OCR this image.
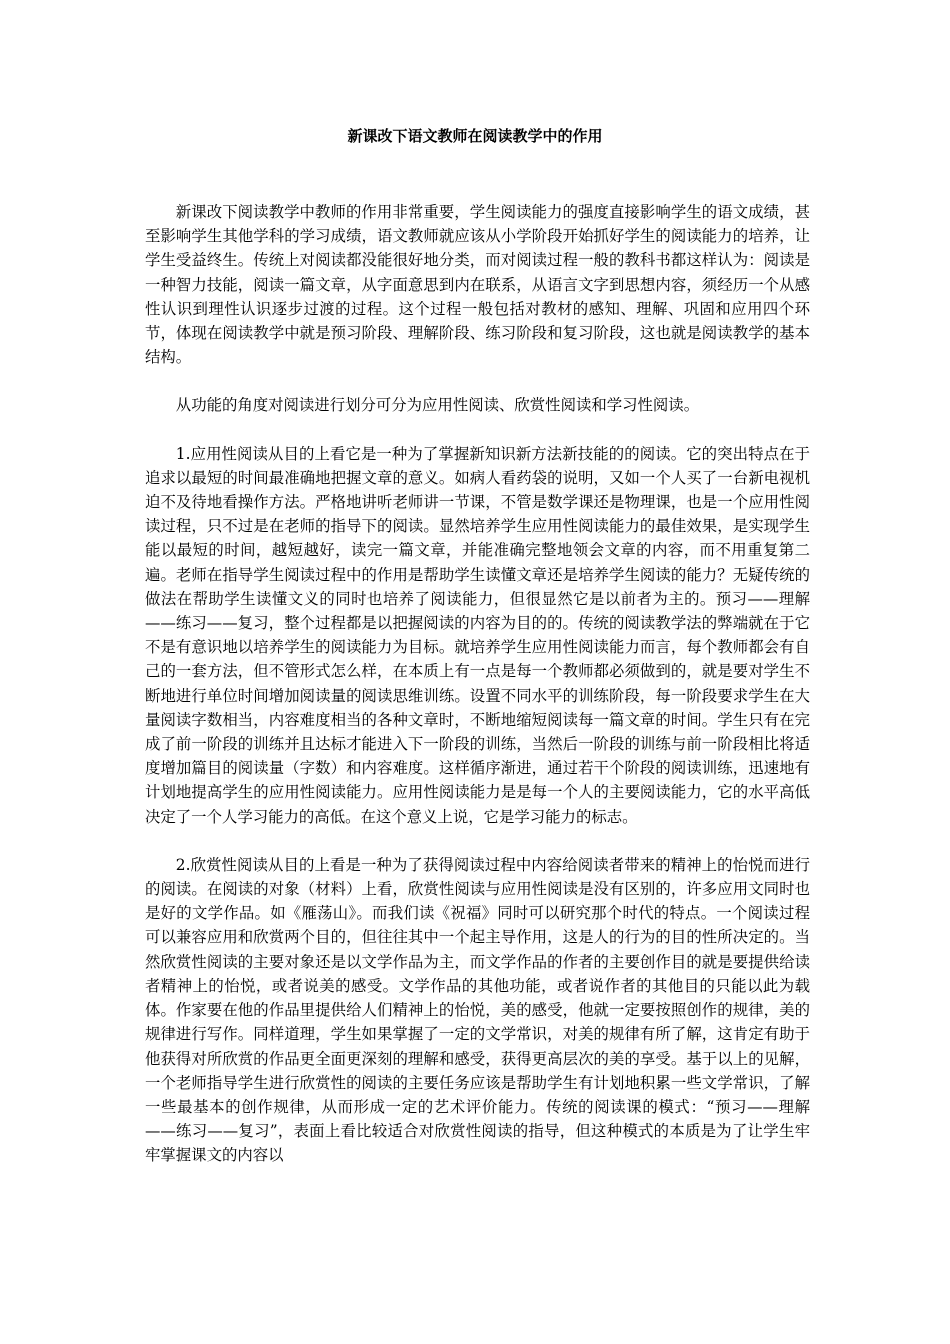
新课改下语文教师在阅读教学中的作用

新课改下阅读教学中教师的作用非常重要，学生阅读能力的强度直接影响学生的语文成绩，甚至影响学生其他学科的学习成绩，语文教师就应该从小学阶段开始抓好学生的阅读能力的培养，让学生受益终生。传统上对阅读都没能很好地分类，而对阅读过程一般的教科书都这样认为：阅读是一种智力技能，阅读一篇文章，从字面意思到内在联系，从语言文字到思想内容，须经历一个从感性认识到理性认识逐步过渡的过程。这个过程一般包括对教材的感知、理解、巩固和应用四个环节，体现在阅读教学中就是预习阶段、理解阶段、练习阶段和复习阶段，这也就是阅读教学的基本结构。

从功能的角度对阅读进行划分可分为应用性阅读、欣赏性阅读和学习性阅读。

1.应用性阅读从目的上看它是一种为了掌握新知识新方法新技能的的阅读。它的突出特点在于追求以最短的时间最准确地把握文章的意义。如病人看药袋的说明，又如一个人买了一台新电视机迫不及待地看操作方法。严格地讲听老师讲一节课，不管是数学课还是物理课，也是一个应用性阅读过程，只不过是在老师的指导下的阅读。显然培养学生应用性阅读能力的最佳效果，是实现学生能以最短的时间，越短越好，读完一篇文章，并能准确完整地领会文章的内容，而不用重复第二遍。老师在指导学生阅读过程中的作用是帮助学生读懂文章还是培养学生阅读的能力？无疑传统的做法在帮助学生读懂文义的同时也培养了阅读能力，但很显然它是以前者为主的。预习——理解——练习——复习，整个过程都是以把握阅读的内容为目的的。传统的阅读教学法的弊端就在于它不是有意识地以培养学生的阅读能力为目标。就培养学生应用性阅读能力而言，每个教师都会有自己的一套方法，但不管形式怎么样，在本质上有一点是每一个教师都必须做到的，就是要对学生不断地进行单位时间增加阅读量的阅读思维训练。设置不同水平的训练阶段，每一阶段要求学生在大量阅读字数相当，内容难度相当的各种文章时，不断地缩短阅读每一篇文章的时间。学生只有在完成了前一阶段的训练并且达标才能进入下一阶段的训练，当然后一阶段的训练与前一阶段相比将适度增加篇目的阅读量（字数）和内容难度。这样循序渐进，通过若干个阶段的阅读训练，迅速地有计划地提高学生的应用性阅读能力。应用性阅读能力是是每一个人的主要阅读能力，它的水平高低决定了一个人学习能力的高低。在这个意义上说，它是学习能力的标志。

2.欣赏性阅读从目的上看是一种为了获得阅读过程中内容给阅读者带来的精神上的怡悦而进行的阅读。在阅读的对象（材料）上看，欣赏性阅读与应用性阅读是没有区别的，许多应用文同时也是好的文学作品。如《雁荡山》。而我们读《祝福》同时可以研究那个时代的特点。一个阅读过程可以兼容应用和欣赏两个目的，但往往其中一个起主导作用，这是人的行为的目的性所决定的。当然欣赏性阅读的主要对象还是以文学作品为主，而文学作品的作者的主要创作目的就是要提供给读者精神上的怡悦，或者说美的感受。文学作品的其他功能，或者说作者的其他目的只能以此为载体。作家要在他的作品里提供给人们精神上的怡悦，美的感受，他就一定要按照创作的规律，美的规律进行写作。同样道理，学生如果掌握了一定的文学常识，对美的规律有所了解，这肯定有助于他获得对所欣赏的作品更全面更深刻的理解和感受，获得更高层次的美的享受。基于以上的见解，一个老师指导学生进行欣赏性的阅读的主要任务应该是帮助学生有计划地积累一些文学常识，了解一些最基本的创作规律，从而形成一定的艺术评价能力。传统的阅读课的模式：“预习——理解——练习——复习”，表面上看比较适合对欣赏性阅读的指导，但这种模式的本质是为了让学生牢牢掌握课文的内容以
